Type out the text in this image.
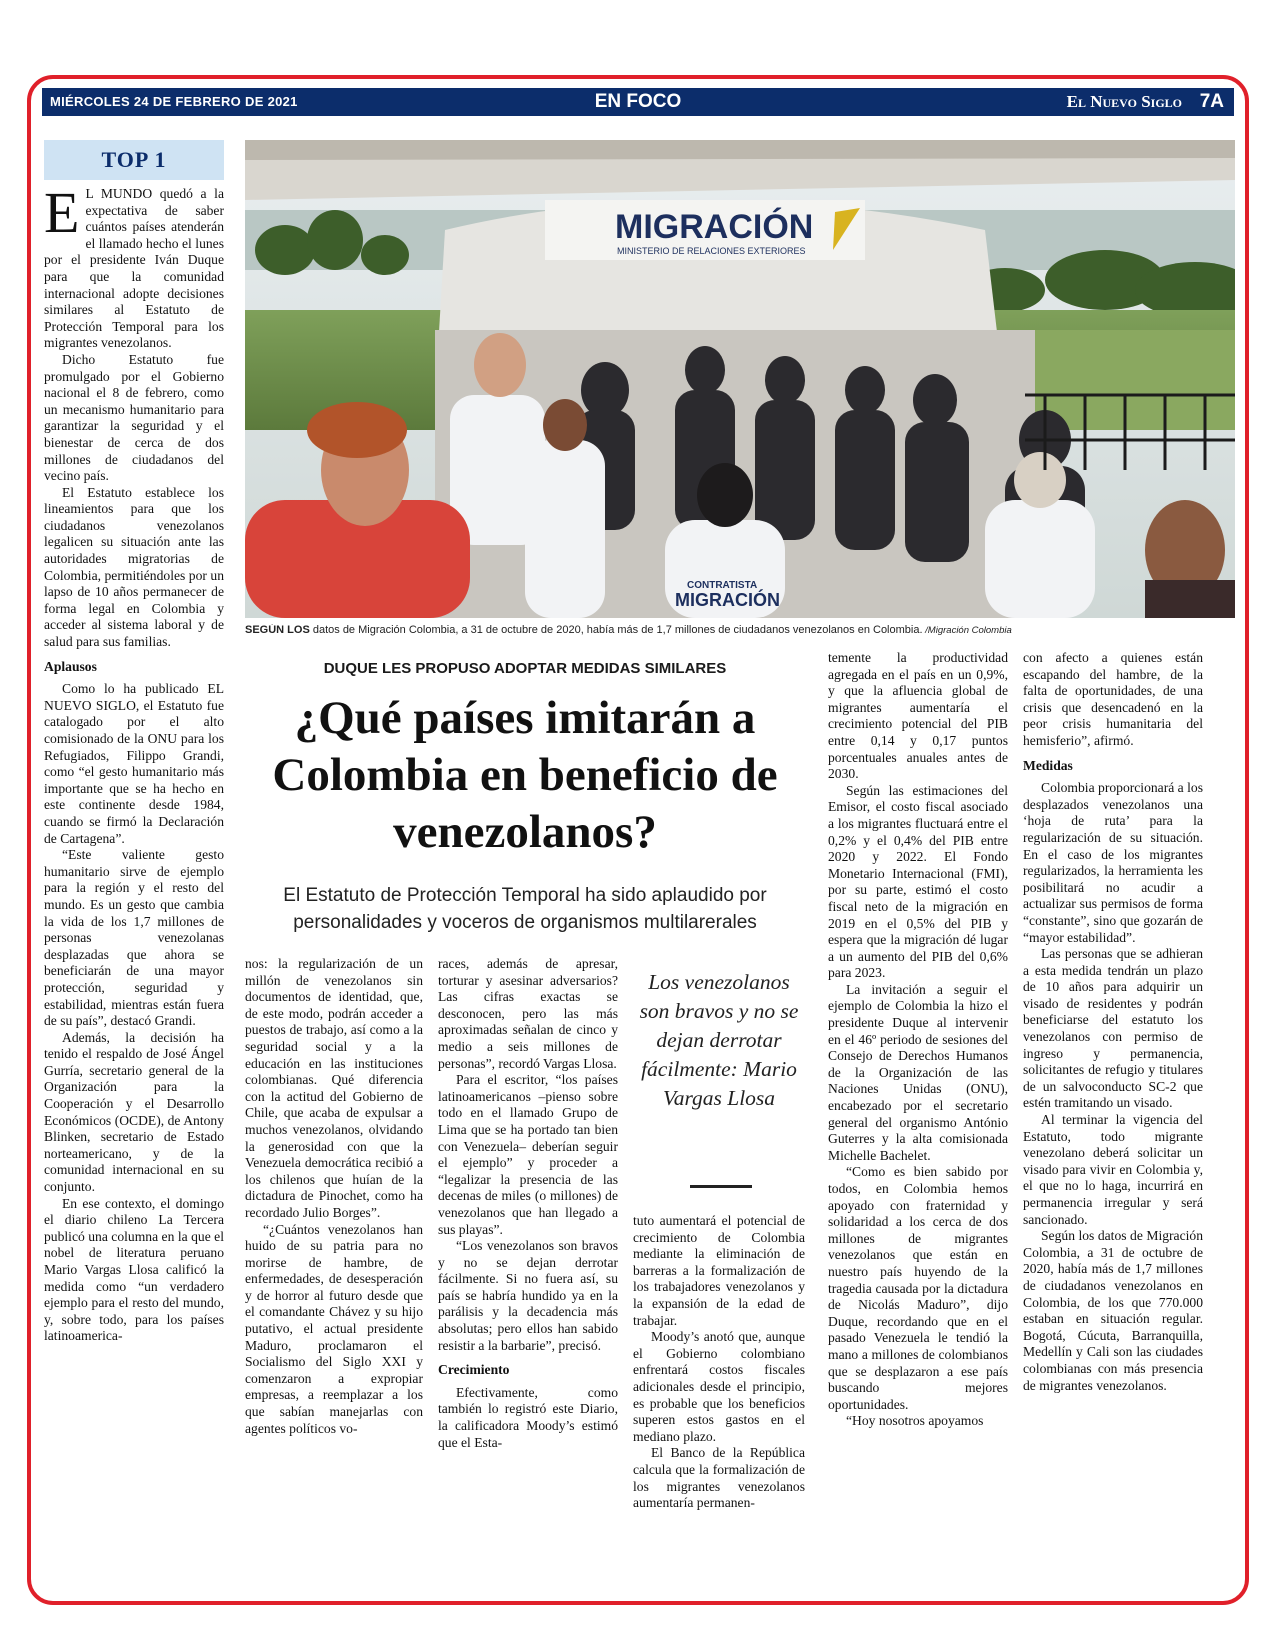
MIÉRCOLES 24 DE FEBRERO DE 2021	EN FOCO	El Nuevo Siglo 7A
TOP 1

E L MUNDO quedó a la expectativa de saber cuántos países atenderán el llamado hecho el lunes por el presidente Iván Duque para que la comunidad internacional adopte decisiones similares al Estatuto de Protección Temporal para los migrantes venezolanos.

Dicho Estatuto fue promulgado por el Gobierno nacional el 8 de febrero, como un mecanismo humanitario para garantizar la seguridad y el bienestar de cerca de dos millones de ciudadanos del vecino país.

El Estatuto establece los lineamientos para que los ciudadanos venezolanos legalicen su situación ante las autoridades migratorias de Colombia, permitiéndoles por un lapso de 10 años permanecer de forma legal en Colombia y acceder al sistema laboral y de salud para sus familias.

Aplausos

Como lo ha publicado EL NUEVO SIGLO, el Estatuto fue catalogado por el alto comisionado de la ONU para los Refugiados, Filippo Grandi, como “el gesto humanitario más importante que se ha hecho en este continente desde 1984, cuando se firmó la Declaración de Cartagena”.

“Este valiente gesto humanitario sirve de ejemplo para la región y el resto del mundo. Es un gesto que cambia la vida de los 1,7 millones de personas venezolanas desplazadas que ahora se beneficiarán de una mayor protección, seguridad y estabilidad, mientras están fuera de su país”, destacó Grandi.

Además, la decisión ha tenido el respaldo de José Ángel Gurría, secretario general de la Organización para la Cooperación y el Desarrollo Económicos (OCDE), de Antony Blinken, secretario de Estado norteamericano, y de la comunidad internacional en su conjunto.

En ese contexto, el domingo el diario chileno La Tercera publicó una columna en la que el nobel de literatura peruano Mario Vargas Llosa calificó la medida como “un verdadero ejemplo para el resto del mundo, y, sobre todo, para los países latinoamerica-

MIGRACIÓN
MINISTERIO DE RELACIONES EXTERIORES
CONTRATISTA
MIGRACIÓN
SEGÚN LOS datos de Migración Colombia, a 31 de octubre de 2020, había más de 1,7 millones de ciudadanos venezolanos en Colombia. /Migración Colombia
DUQUE LES PROPUSO ADOPTAR MEDIDAS SIMILARES
¿Qué países imitarán a Colombia en beneficio de venezolanos?
El Estatuto de Protección Temporal ha sido aplaudido por personalidades y voceros de organismos multilarerales

nos: la regularización de un millón de venezolanos sin documentos de identidad, que, de este modo, podrán acceder a puestos de trabajo, así como a la seguridad social y a la educación en las instituciones colombianas. Qué diferencia con la actitud del Gobierno de Chile, que acaba de expulsar a muchos venezolanos, olvidando la generosidad con que la Venezuela democrática recibió a los chilenos que huían de la dictadura de Pinochet, como ha recordado Julio Borges”.

“¿Cuántos venezolanos han huido de su patria para no morirse de hambre, de enfermedades, de desesperación y de horror al futuro desde que el comandante Chávez y su hijo putativo, el actual presidente Maduro, proclamaron el Socialismo del Siglo XXI y comenzaron a expropiar empresas, a reemplazar a los que sabían manejarlas con agentes políticos vo-

races, además de apresar, torturar y asesinar adversarios? Las cifras exactas se desconocen, pero las más aproximadas señalan de cinco y medio a seis millones de personas”, recordó Vargas Llosa.

Para el escritor, “los países latinoamericanos –pienso sobre todo en el llamado Grupo de Lima que se ha portado tan bien con Venezuela– deberían seguir el ejemplo” y proceder a “legalizar la presencia de las decenas de miles (o millones) de venezolanos que han llegado a sus playas”.

“Los venezolanos son bravos y no se dejan derrotar fácilmente. Si no fuera así, su país se habría hundido ya en la parálisis y la decadencia más absolutas; pero ellos han sabido resistir a la barbarie”, precisó.

Crecimiento

Efectivamente, como también lo registró este Diario, la calificadora Moody’s estimó que el Esta-

Los venezolanos son bravos y no se dejan derrotar fácilmente: Mario Vargas Llosa

tuto aumentará el potencial de crecimiento de Colombia mediante la eliminación de barreras a la formalización de los trabajadores venezolanos y la expansión de la edad de trabajar.

Moody’s anotó que, aunque el Gobierno colombiano enfrentará costos fiscales adicionales desde el principio, es probable que los beneficios superen estos gastos en el mediano plazo.

El Banco de la República calcula que la formalización de los migrantes venezolanos aumentaría permanen-

temente la productividad agregada en el país en un 0,9%, y que la afluencia global de migrantes aumentaría el crecimiento potencial del PIB entre 0,14 y 0,17 puntos porcentuales anuales antes de 2030.

Según las estimaciones del Emisor, el costo fiscal asociado a los migrantes fluctuará entre el 0,2% y el 0,4% del PIB entre 2020 y 2022. El Fondo Monetario Internacional (FMI), por su parte, estimó el costo fiscal neto de la migración en 2019 en el 0,5% del PIB y espera que la migración dé lugar a un aumento del PIB del 0,6% para 2023.

La invitación a seguir el ejemplo de Colombia la hizo el presidente Duque al intervenir en el 46º periodo de sesiones del Consejo de Derechos Humanos de la Organización de las Naciones Unidas (ONU), encabezado por el secretario general del organismo António Guterres y la alta comisionada Michelle Bachelet.

“Como es bien sabido por todos, en Colombia hemos apoyado con fraternidad y solidaridad a los cerca de dos millones de migrantes venezolanos que están en nuestro país huyendo de la tragedia causada por la dictadura de Nicolás Maduro”, dijo Duque, recordando que en el pasado Venezuela le tendió la mano a millones de colombianos que se desplazaron a ese país buscando mejores oportunidades.

“Hoy nosotros apoyamos

con afecto a quienes están escapando del hambre, de la falta de oportunidades, de una crisis que desencadenó en la peor crisis humanitaria del hemisferio”, afirmó.

Medidas

Colombia proporcionará a los desplazados venezolanos una ‘hoja de ruta’ para la regularización de su situación. En el caso de los migrantes regularizados, la herramienta les posibilitará no acudir a actualizar sus permisos de forma “constante”, sino que gozarán de “mayor estabilidad”.

Las personas que se adhieran a esta medida tendrán un plazo de 10 años para adquirir un visado de residentes y podrán beneficiarse del estatuto los venezolanos con permiso de ingreso y permanencia, solicitantes de refugio y titulares de un salvoconducto SC-2 que estén tramitando un visado.

Al terminar la vigencia del Estatuto, todo migrante venezolano deberá solicitar un visado para vivir en Colombia y, el que no lo haga, incurrirá en permanencia irregular y será sancionado.

Según los datos de Migración Colombia, a 31 de octubre de 2020, había más de 1,7 millones de ciudadanos venezolanos en Colombia, de los que 770.000 estaban en situación regular. Bogotá, Cúcuta, Barranquilla, Medellín y Cali son las ciudades colombianas con más presencia de migrantes venezolanos.
